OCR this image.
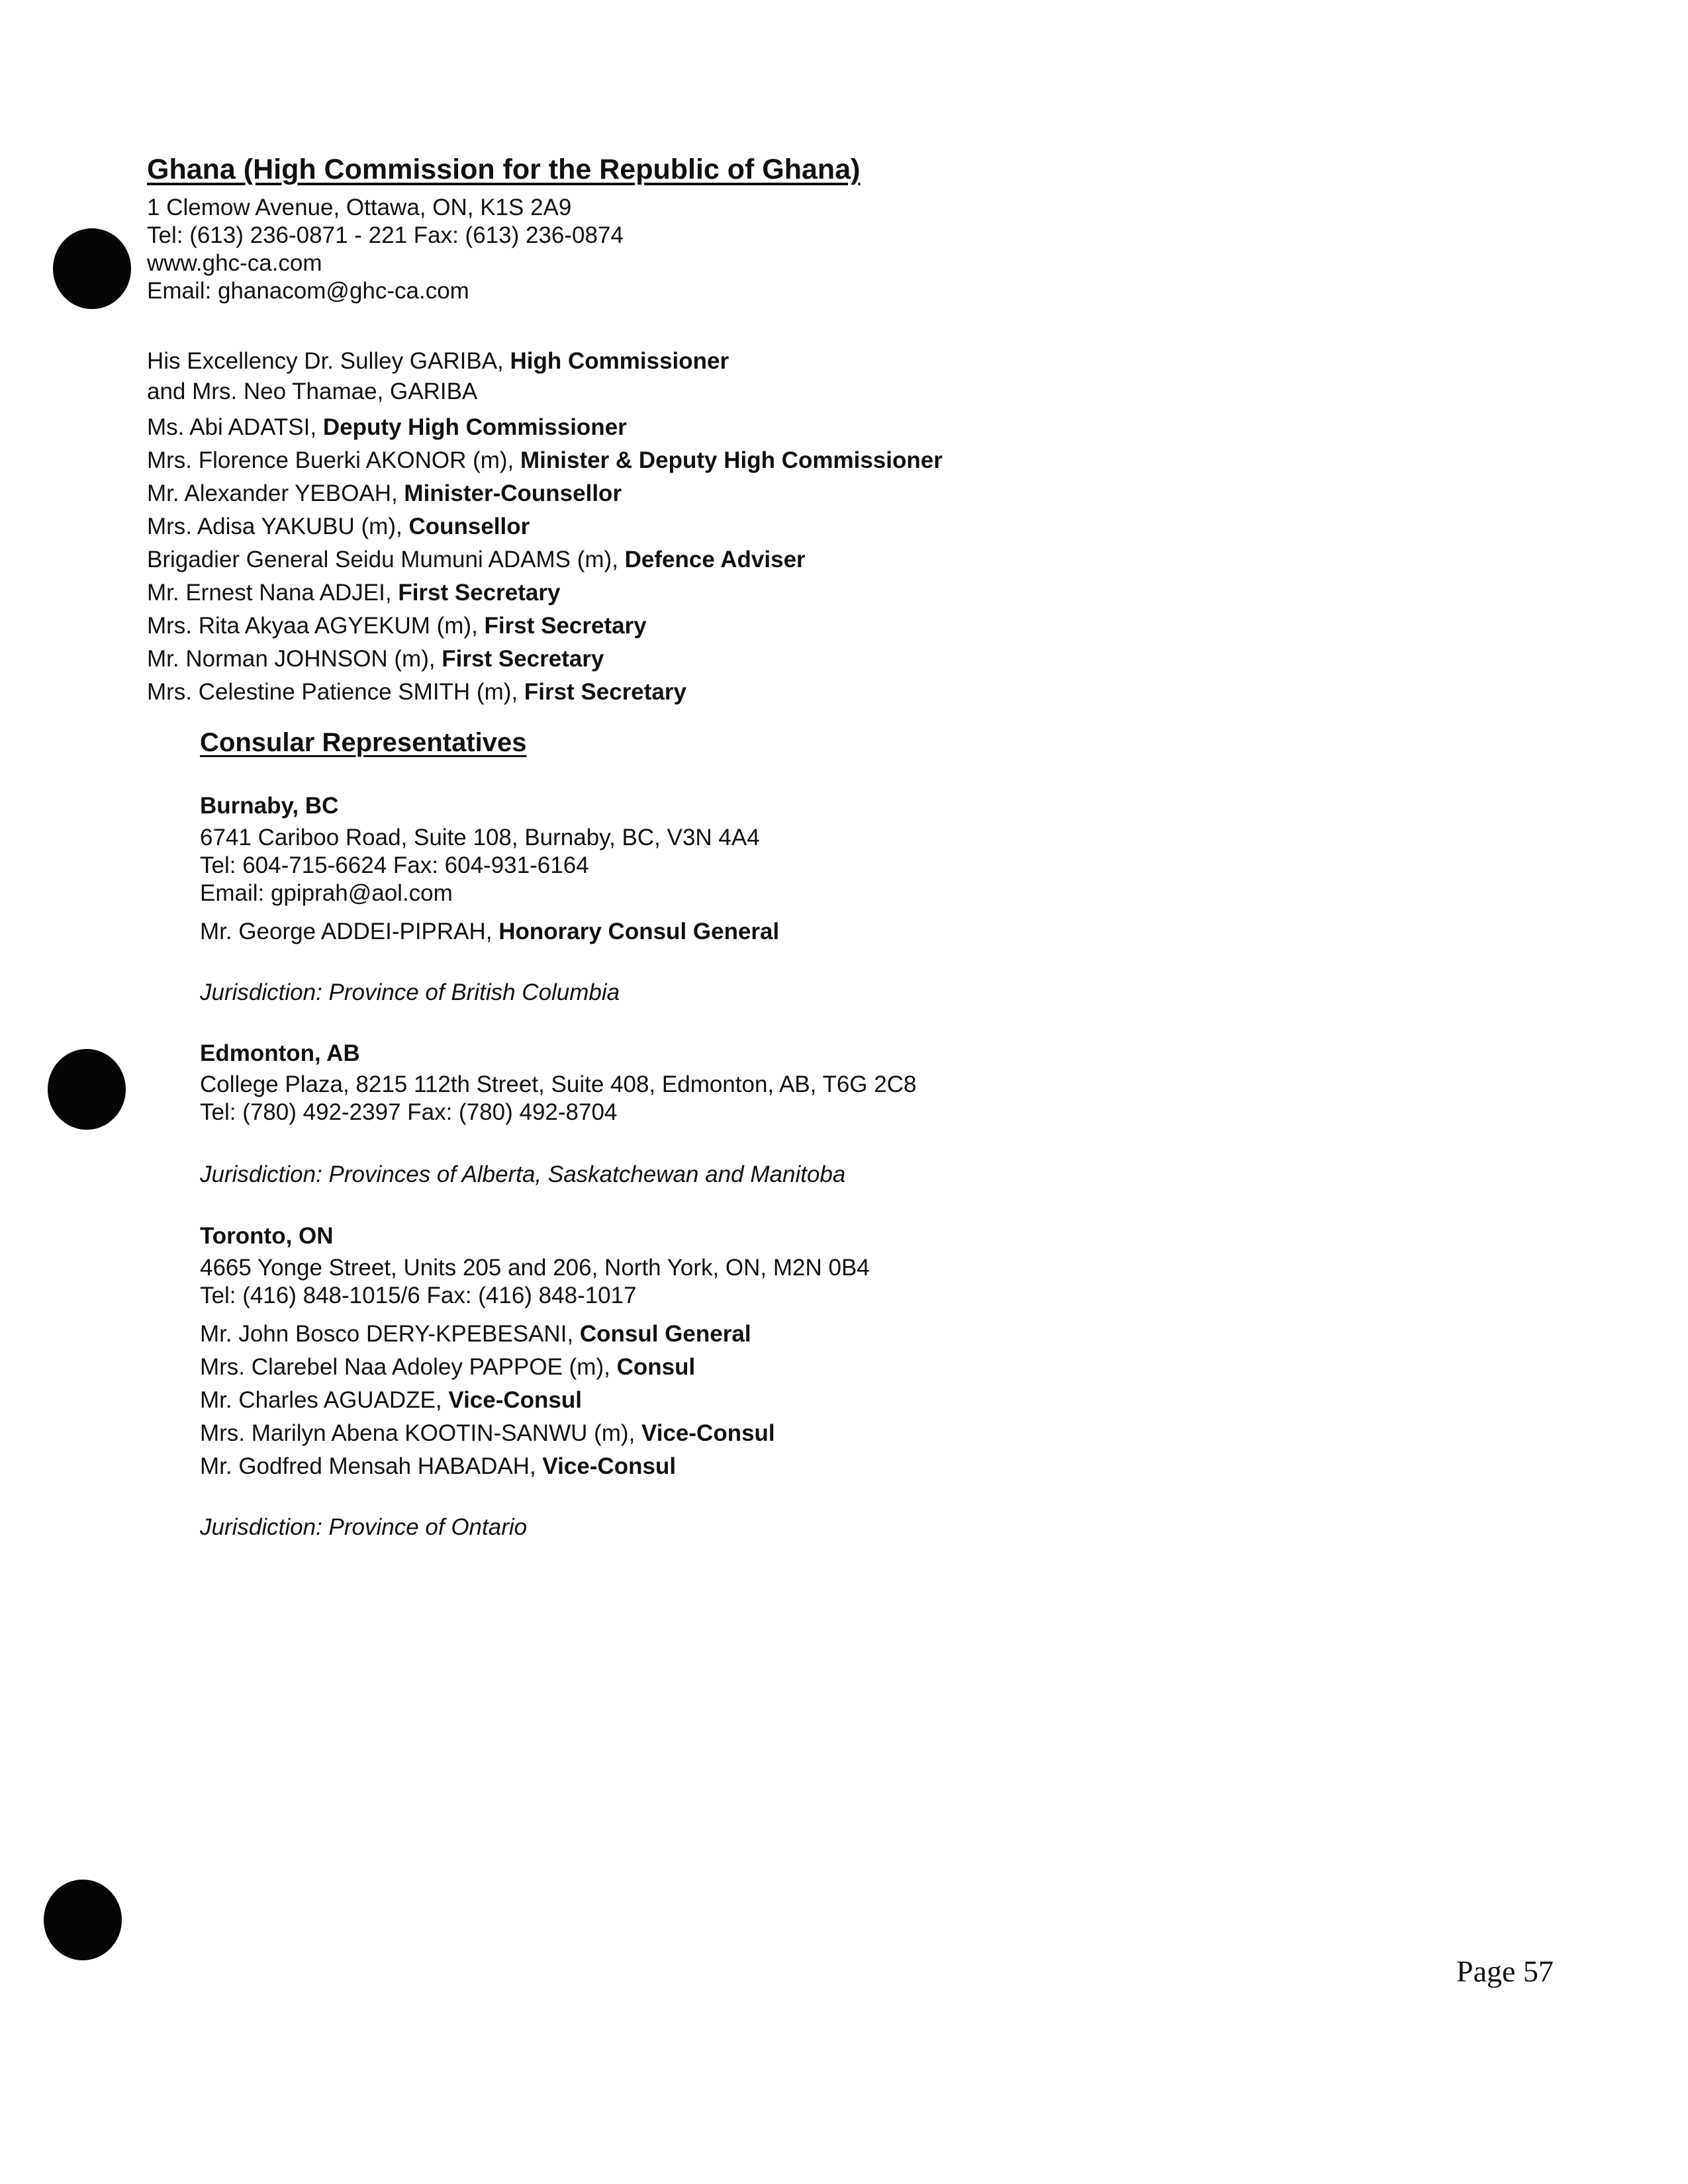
Ghana (High Commission for the Republic of Ghana)
1 Clemow Avenue, Ottawa, ON, K1S 2A9
Tel: (613) 236-0871 - 221 Fax: (613) 236-0874
www.ghc-ca.com
Email: ghanacom@ghc-ca.com
His Excellency Dr. Sulley GARIBA, High Commissioner
and Mrs. Neo Thamae, GARIBA
Ms. Abi ADATSI, Deputy High Commissioner
Mrs. Florence Buerki AKONOR (m), Minister & Deputy High Commissioner
Mr. Alexander YEBOAH, Minister-Counsellor
Mrs. Adisa YAKUBU (m), Counsellor
Brigadier General Seidu Mumuni ADAMS (m), Defence Adviser
Mr. Ernest Nana ADJEI, First Secretary
Mrs. Rita Akyaa AGYEKUM (m), First Secretary
Mr. Norman JOHNSON (m), First Secretary
Mrs. Celestine Patience SMITH (m), First Secretary
Consular Representatives
Burnaby, BC
6741 Cariboo Road, Suite 108, Burnaby, BC, V3N 4A4
Tel: 604-715-6624 Fax: 604-931-6164
Email: gpiprah@aol.com
Mr. George ADDEI-PIPRAH, Honorary Consul General
Jurisdiction: Province of British Columbia
Edmonton, AB
College Plaza, 8215 112th Street, Suite 408, Edmonton, AB, T6G 2C8
Tel: (780) 492-2397 Fax: (780) 492-8704
Jurisdiction: Provinces of Alberta, Saskatchewan and Manitoba
Toronto, ON
4665 Yonge Street, Units 205 and 206, North York, ON, M2N 0B4
Tel: (416) 848-1015/6 Fax: (416) 848-1017
Mr. John Bosco DERY-KPEBESANI, Consul General
Mrs. Clarebel Naa Adoley PAPPOE (m), Consul
Mr. Charles AGUADZE, Vice-Consul
Mrs. Marilyn Abena KOOTIN-SANWU (m), Vice-Consul
Mr. Godfred Mensah HABADAH, Vice-Consul
Jurisdiction: Province of Ontario
Page 57
